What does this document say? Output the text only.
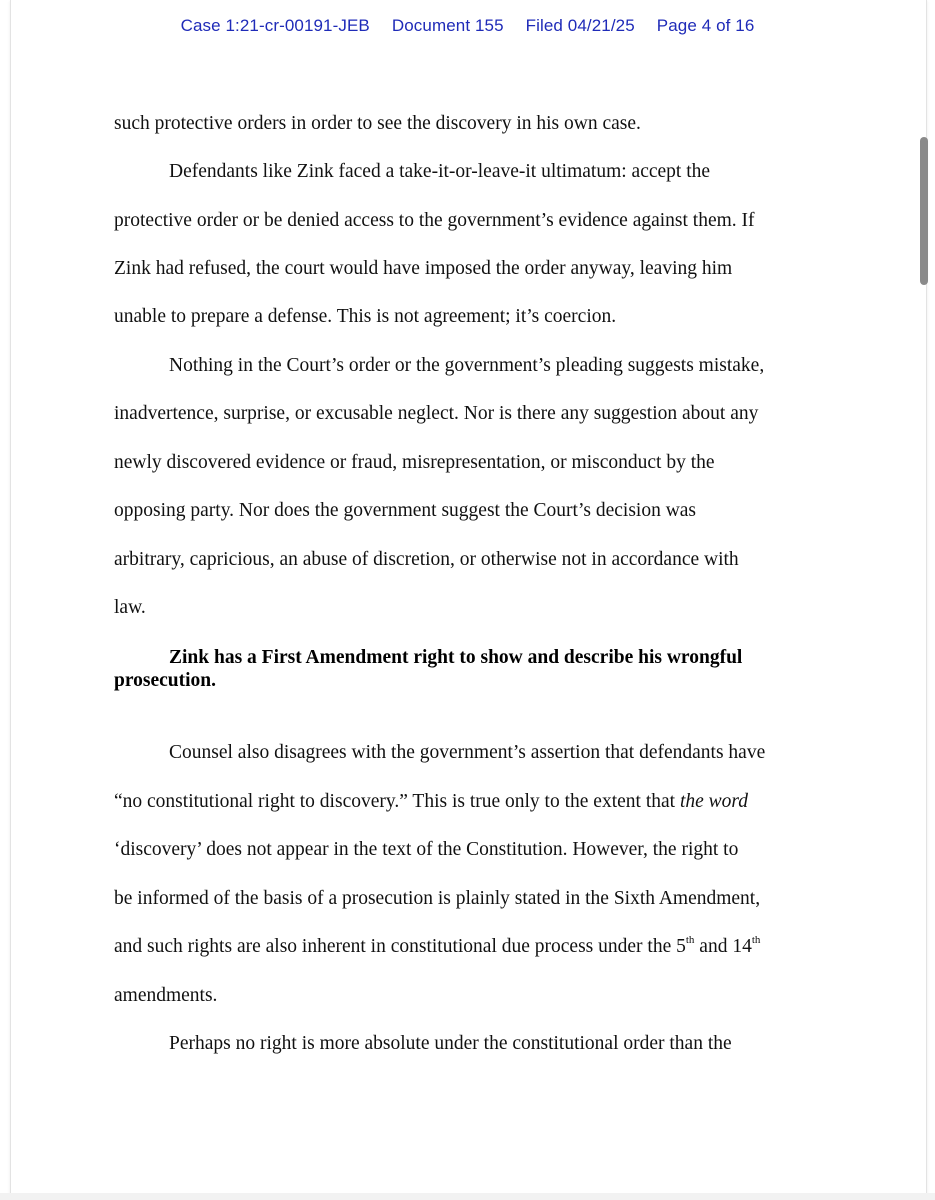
Case 1:21-cr-00191-JEB Document 155 Filed 04/21/25 Page 4 of 16
such protective orders in order to see the discovery in his own case.
Defendants like Zink faced a take-it-or-leave-it ultimatum: accept the
protective order or be denied access to the government’s evidence against them. If
Zink had refused, the court would have imposed the order anyway, leaving him
unable to prepare a defense. This is not agreement; it’s coercion.
Nothing in the Court’s order or the government’s pleading suggests mistake,
inadvertence, surprise, or excusable neglect. Nor is there any suggestion about any
newly discovered evidence or fraud, misrepresentation, or misconduct by the
opposing party. Nor does the government suggest the Court’s decision was
arbitrary, capricious, an abuse of discretion, or otherwise not in accordance with
law.
Zink has a First Amendment right to show and describe his wrongful
prosecution.
Counsel also disagrees with the government’s assertion that defendants have
“no constitutional right to discovery.” This is true only to the extent that the word
‘discovery’ does not appear in the text of the Constitution. However, the right to
be informed of the basis of a prosecution is plainly stated in the Sixth Amendment,
and such rights are also inherent in constitutional due process under the 5th and 14th
amendments.
Perhaps no right is more absolute under the constitutional order than the
